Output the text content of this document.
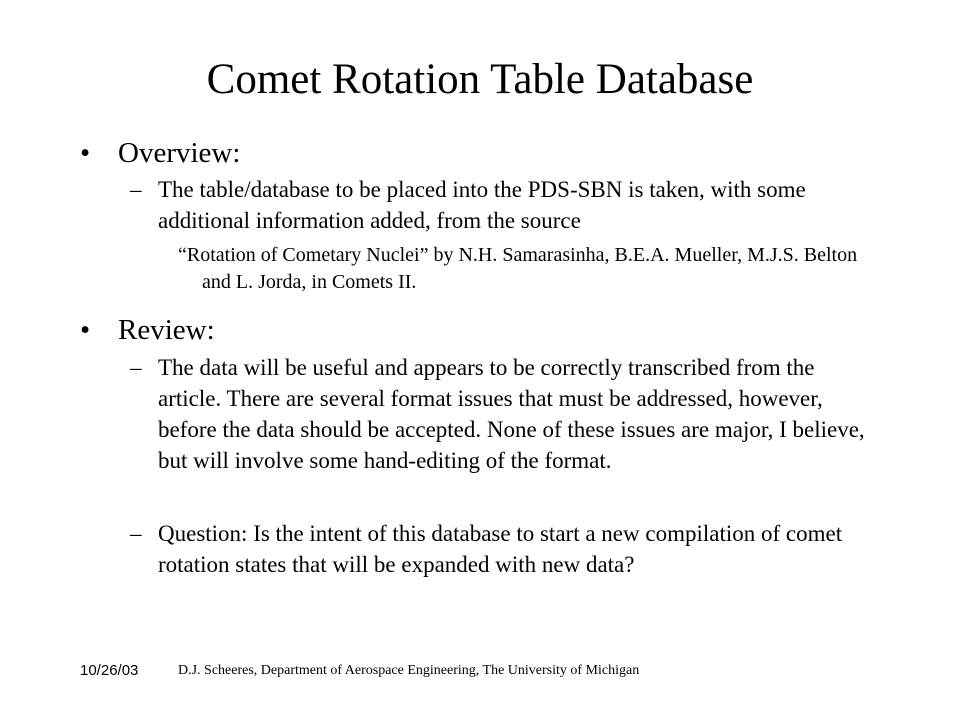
Comet Rotation Table Database
• Overview:
– The table/database to be placed into the PDS-SBN is taken, with some additional information added, from the source
“Rotation of Cometary Nuclei” by N.H. Samarasinha, B.E.A. Mueller, M.J.S. Belton and L. Jorda, in Comets II.
• Review:
– The data will be useful and appears to be correctly transcribed from the article. There are several format issues that must be addressed, however, before the data should be accepted. None of these issues are major, I believe, but will involve some hand-editing of the format.
– Question: Is the intent of this database to start a new compilation of comet rotation states that will be expanded with new data?
10/26/03	D.J. Scheeres, Department of Aerospace Engineering, The University of Michigan
